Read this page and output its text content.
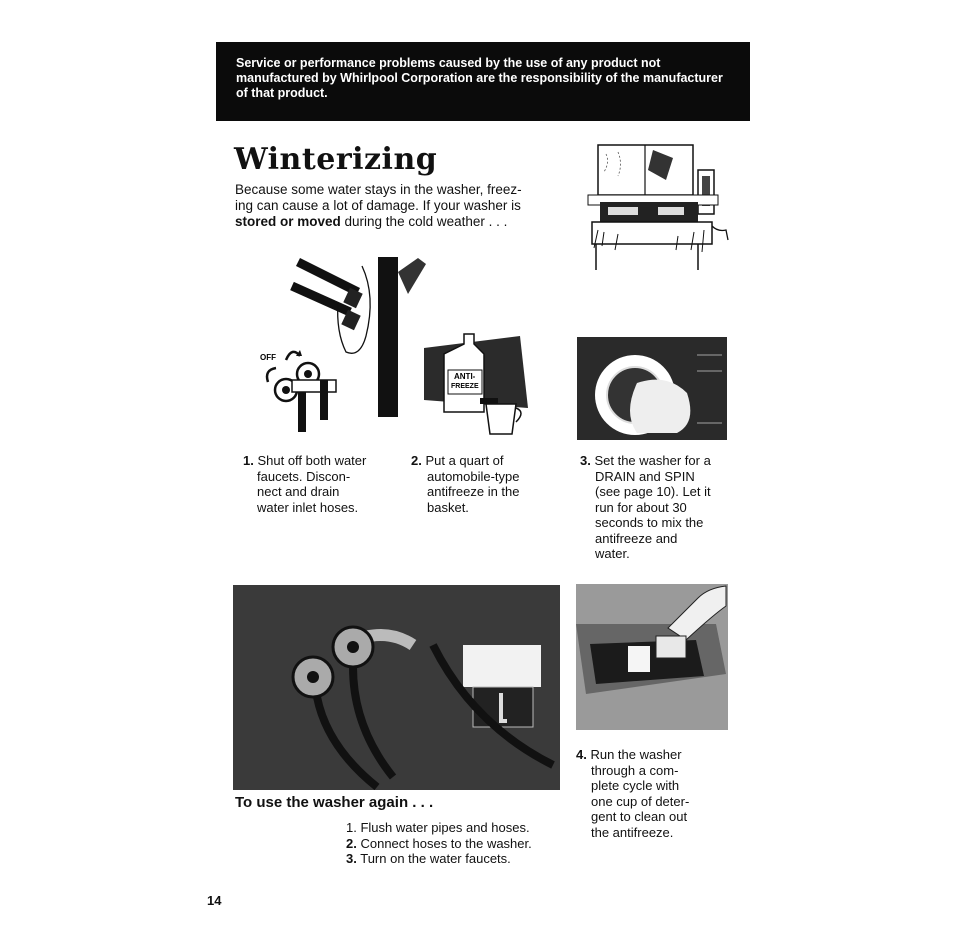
Service or performance problems caused by the use of any product not manufactured by Whirlpool Corporation are the responsibility of the manufacturer of that product.
Winterizing
Because some water stays in the washer, freez-
ing can cause a lot of damage. If your washer is
stored or moved during the cold weather . . .
OFF
ANTI-
FREEZE
1. Shut off both water
faucets. Discon-
nect and drain
water inlet hoses.
2. Put a quart of
automobile-type
antifreeze in the
basket.
3. Set the washer for a
DRAIN and SPIN
(see page 10). Let it
run for about 30
seconds to mix the
antifreeze and
water.
4. Run the washer
through a com-
plete cycle with
one cup of deter-
gent to clean out
the antifreeze.
To use the washer again . . .
1. Flush water pipes and hoses.
2. Connect hoses to the washer.
3. Turn on the water faucets.
14
